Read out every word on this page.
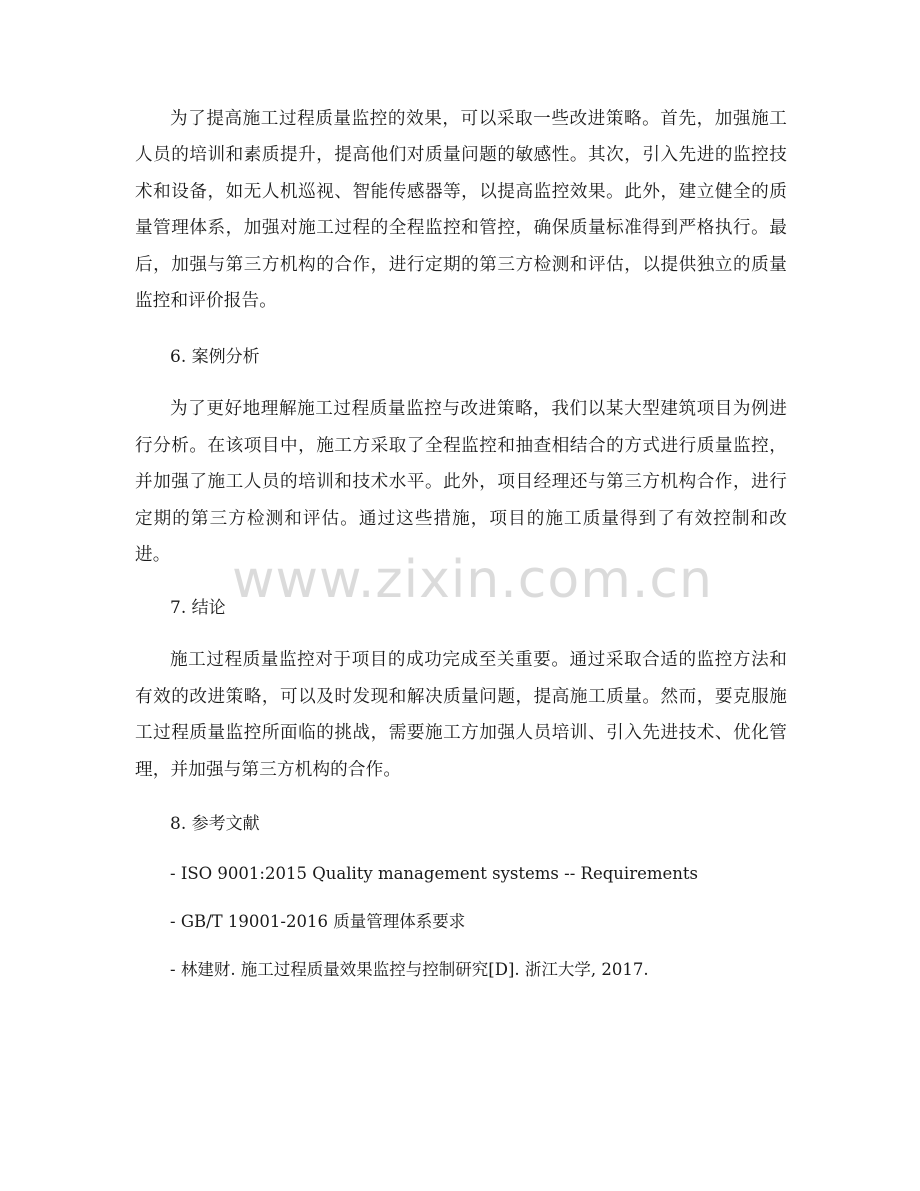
为了提高施工过程质量监控的效果，可以采取一些改进策略。首先，加强施工人员的培训和素质提升，提高他们对质量问题的敏感性。其次，引入先进的监控技术和设备，如无人机巡视、智能传感器等，以提高监控效果。此外，建立健全的质量管理体系，加强对施工过程的全程监控和管控，确保质量标准得到严格执行。最后，加强与第三方机构的合作，进行定期的第三方检测和评估，以提供独立的质量监控和评价报告。

6. 案例分析

为了更好地理解施工过程质量监控与改进策略，我们以某大型建筑项目为例进行分析。在该项目中，施工方采取了全程监控和抽查相结合的方式进行质量监控，并加强了施工人员的培训和技术水平。此外，项目经理还与第三方机构合作，进行定期的第三方检测和评估。通过这些措施，项目的施工质量得到了有效控制和改进。

7. 结论

施工过程质量监控对于项目的成功完成至关重要。通过采取合适的监控方法和有效的改进策略，可以及时发现和解决质量问题，提高施工质量。然而，要克服施工过程质量监控所面临的挑战，需要施工方加强人员培训、引入先进技术、优化管理，并加强与第三方机构的合作。

8. 参考文献

- ISO 9001:2015 Quality management systems -- Requirements

- GB/T 19001-2016 质量管理体系要求

- 林建财. 施工过程质量效果监控与控制研究[D]. 浙江大学, 2017.

www.zixin.com.cn
